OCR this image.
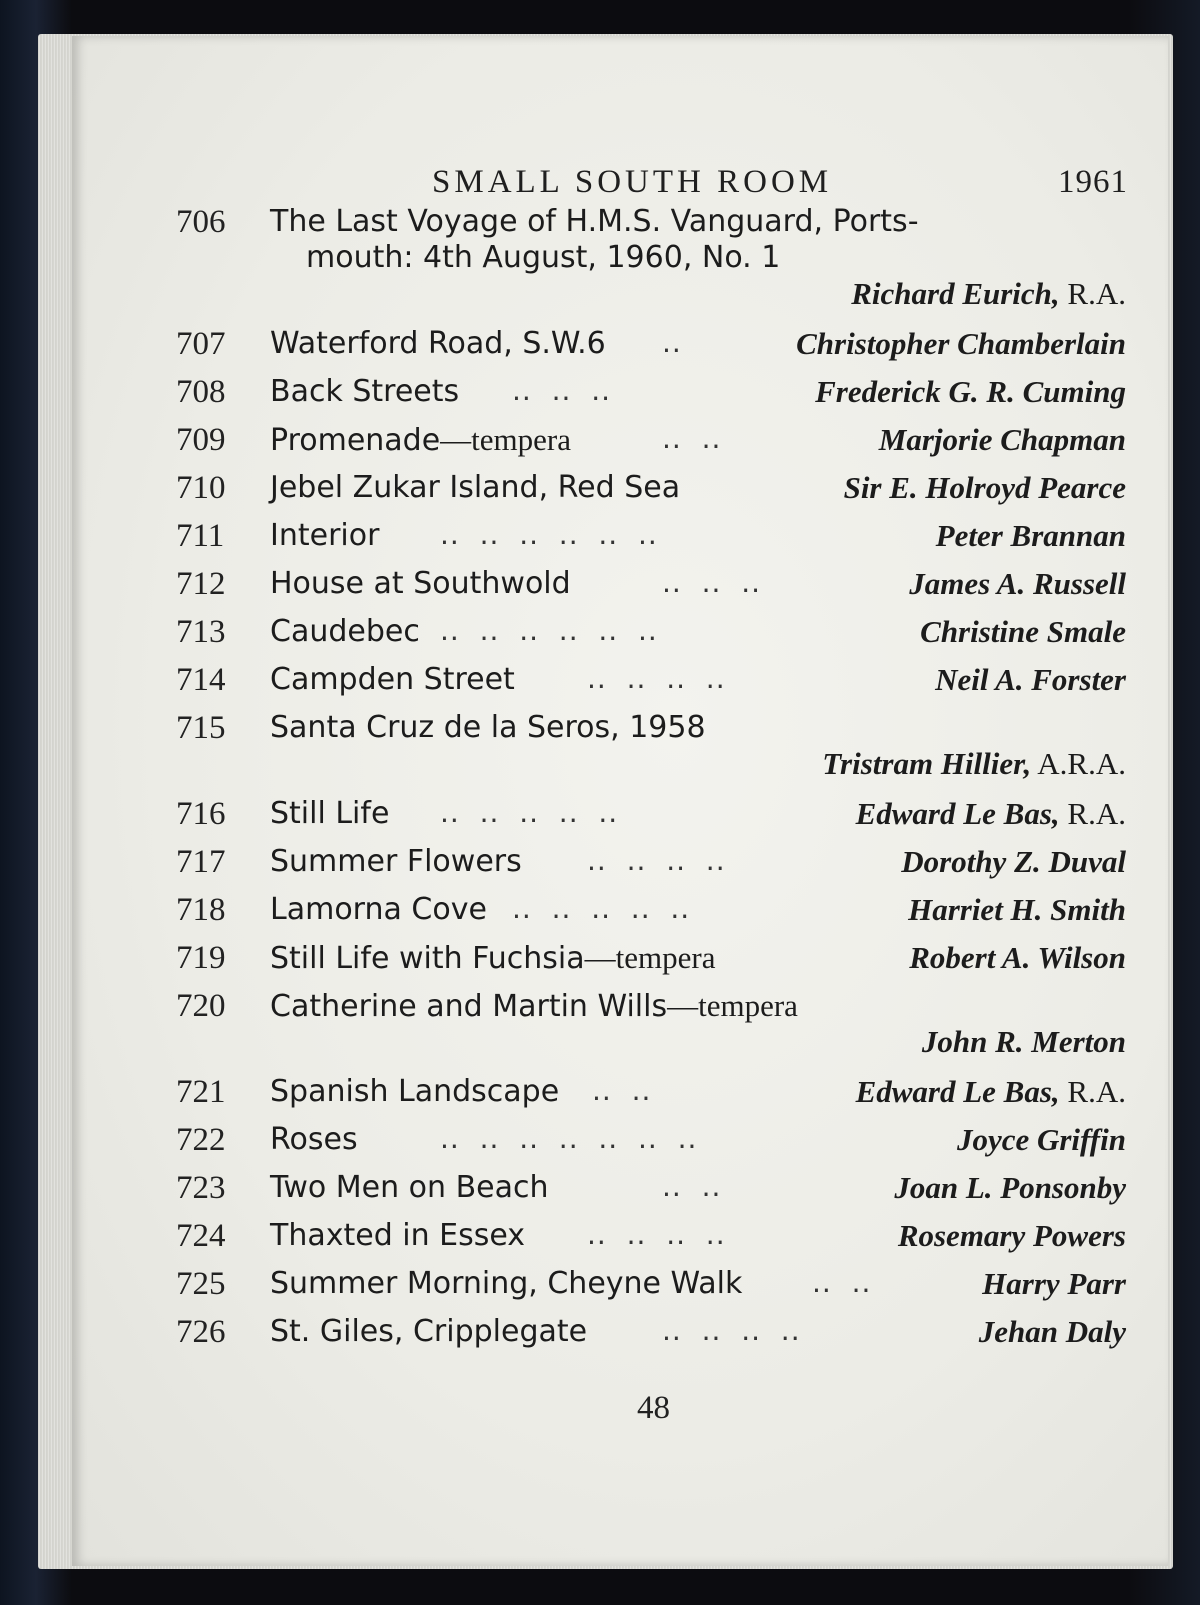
SMALL SOUTH ROOM	1961
706 The Last Voyage of H.M.S. Vanguard, Ports-
mouth: 4th August, 1960, No. 1
Richard Eurich, R.A.
707 Waterford Road, S.W.6 ..	Christopher Chamberlain
708 Back Streets ..  ..  ..	Frederick G. R. Cuming
709 Promenade—tempera	..  ..	Marjorie Chapman
710 Jebel Zukar Island, Red Sea	Sir E. Holroyd Pearce
711 Interior ..  ..  ..  ..  ..  ..	Peter Brannan
712 House at Southwold	..  ..  ..	James A. Russell
713 Caudebec ..  ..  ..  ..  ..  ..	Christine Smale
714 Campden Street	..  ..  ..  ..	Neil A. Forster
715 Santa Cruz de la Seros, 1958
Tristram Hillier, A.R.A.
716 Still Life ..  ..  ..  ..  ..	Edward Le Bas, R.A.
717 Summer Flowers ..  ..  ..  ..	Dorothy Z. Duval
718 Lamorna Cove ..  ..  ..  ..  ..	Harriet H. Smith
719 Still Life with Fuchsia—tempera	Robert A. Wilson
720 Catherine and Martin Wills—tempera
John R. Merton
721 Spanish Landscape ..  ..	Edward Le Bas, R.A.
722 Roses	..  ..  ..  ..  ..  ..  ..	Joyce Griffin
723 Two Men on Beach	..  ..	Joan L. Ponsonby
724 Thaxted in Essex ..  ..  ..  ..	Rosemary Powers
725 Summer Morning, Cheyne Walk ..  ..	Harry Parr
726 St. Giles, Cripplegate	..  ..  ..  ..	Jehan Daly
48
